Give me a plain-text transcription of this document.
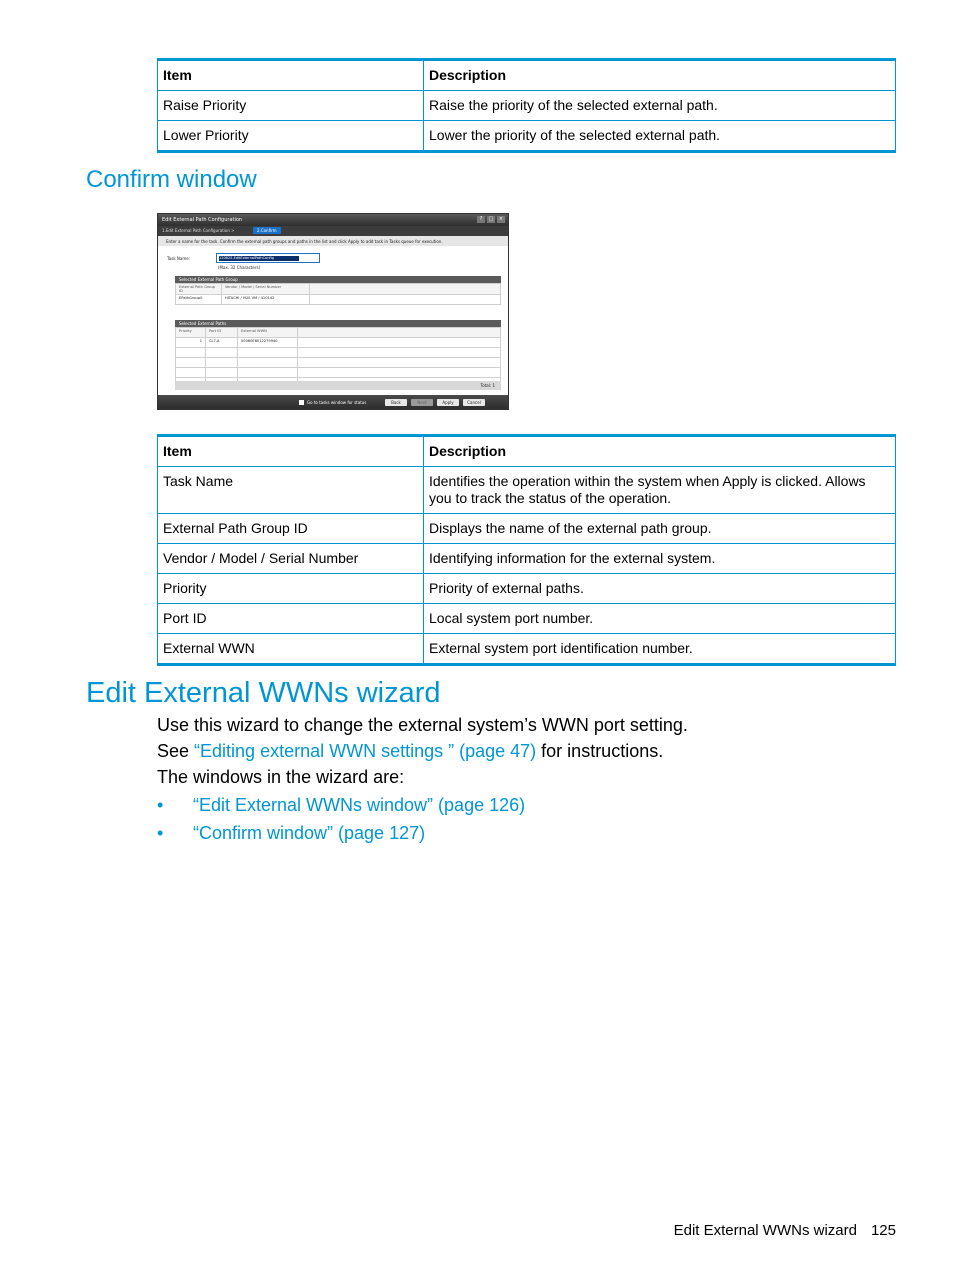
Item	Description
Raise Priority	Raise the priority of the selected external path.
Lower Priority	Lower the priority of the selected external path.
Confirm window
Edit External Path Configuration	? □ ×
1.Edit External Path Configuration >	2.Confirm
Enter a name for the task. Confirm the external path groups and paths in the list and click Apply to add task in Tasks queue for execution.
Task Name:	120625-EditExternalPathConfig
(Max. 32 Characters)
Selected External Path Group
External Path Group ID	Vendor / Model / Serial Number	
EPathGroup0	HITACHI / HUS VM / 410142	
Selected External Paths
Priority	Port ID	External WWN	
1	CL7-A	50060E8012279940	

Total: 1
Go to tasks window for status	Back	Next	Apply	Cancel
Item	Description
Task Name	Identifies the operation within the system when Apply is clicked. Allows you to track the status of the operation.
External Path Group ID	Displays the name of the external path group.
Vendor / Model / Serial Number	Identifying information for the external system.
Priority	Priority of external paths.
Port ID	Local system port number.
External WWN	External system port identification number.
Edit External WWNs wizard

Use this wizard to change the external system’s WWN port setting.

See “Editing external WWN settings ” (page 47) for instructions.

The windows in the wizard are:

• “Edit External WWNs window” (page 126)
• “Confirm window” (page 127)
Edit External WWNs wizard 125
